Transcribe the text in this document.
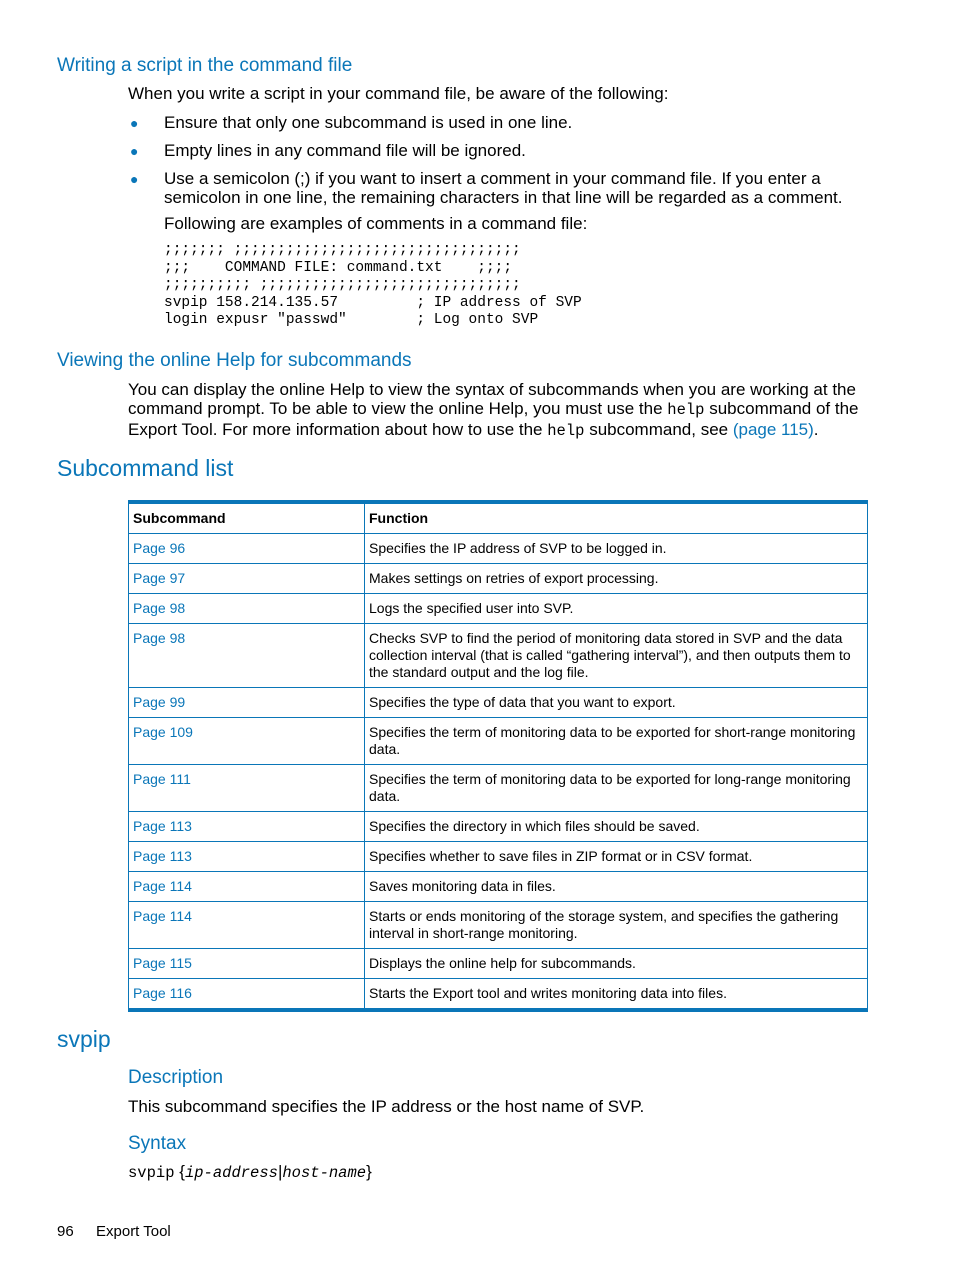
Writing a script in the command file
When you write a script in your command file, be aware of the following:
● Ensure that only one subcommand is used in one line.
● Empty lines in any command file will be ignored.
● Use a semicolon (;) if you want to insert a comment in your command file. If you enter a semicolon in one line, the remaining characters in that line will be regarded as a comment.
Following are examples of comments in a command file:
;;;;;;; ;;;;;;;;;;;;;;;;;;;;;;;;;;;;;;;;;
;;;    COMMAND FILE: command.txt    ;;;;
;;;;;;;;;; ;;;;;;;;;;;;;;;;;;;;;;;;;;;;;;
svpip 158.214.135.57         ; IP address of SVP
login expusr "passwd"        ; Log onto SVP
Viewing the online Help for subcommands
You can display the online Help to view the syntax of subcommands when you are working at the command prompt. To be able to view the online Help, you must use the help subcommand of the Export Tool. For more information about how to use the help subcommand, see (page 115).
Subcommand list
Subcommand	Function
Page 96	Specifies the IP address of SVP to be logged in.
Page 97	Makes settings on retries of export processing.
Page 98	Logs the specified user into SVP.
Page 98	Checks SVP to find the period of monitoring data stored in SVP and the data collection interval (that is called “gathering interval”), and then outputs them to the standard output and the log file.
Page 99	Specifies the type of data that you want to export.
Page 109	Specifies the term of monitoring data to be exported for short-range monitoring data.
Page 111	Specifies the term of monitoring data to be exported for long-range monitoring data.
Page 113	Specifies the directory in which files should be saved.
Page 113	Specifies whether to save files in ZIP format or in CSV format.
Page 114	Saves monitoring data in files.
Page 114	Starts or ends monitoring of the storage system, and specifies the gathering interval in short-range monitoring.
Page 115	Displays the online help for subcommands.
Page 116	Starts the Export tool and writes monitoring data into files.
svpip
Description
This subcommand specifies the IP address or the host name of SVP.
Syntax
svpip {ip-address|host-name}
96 Export Tool
